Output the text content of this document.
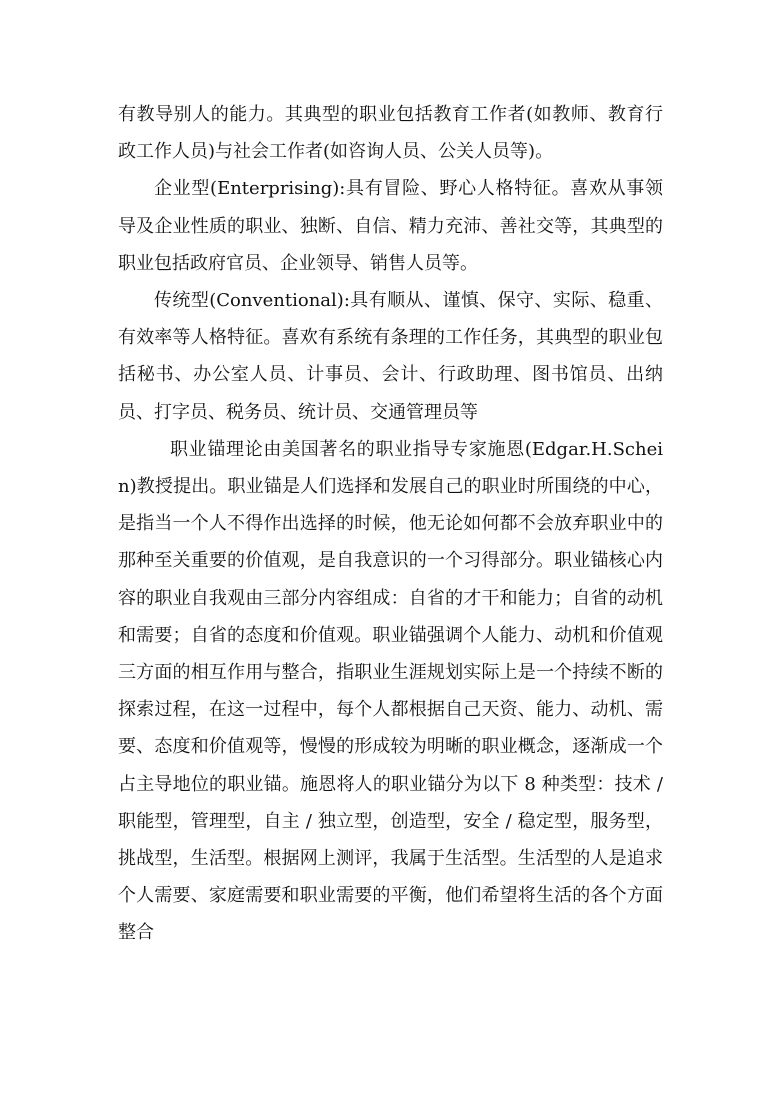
有教导别人的能力。其典型的职业包括教育工作者(如教师、教育行政工作人员)与社会工作者(如咨询人员、公关人员等)。

企业型(Enterprising):具有冒险、野心人格特征。喜欢从事领导及企业性质的职业、独断、自信、精力充沛、善社交等，其典型的职业包括政府官员、企业领导、销售人员等。

传统型(Conventional):具有顺从、谨慎、保守、实际、稳重、有效率等人格特征。喜欢有系统有条理的工作任务，其典型的职业包括秘书、办公室人员、计事员、会计、行政助理、图书馆员、出纳员、打字员、税务员、统计员、交通管理员等

职业锚理论由美国著名的职业指导专家施恩(Edgar.H.Schein)教授提出。职业锚是人们选择和发展自己的职业时所围绕的中心，是指当一个人不得作出选择的时候，他无论如何都不会放弃职业中的那种至关重要的价值观，是自我意识的一个习得部分。职业锚核心内容的职业自我观由三部分内容组成：自省的才干和能力；自省的动机和需要；自省的态度和价值观。职业锚强调个人能力、动机和价值观三方面的相互作用与整合，指职业生涯规划实际上是一个持续不断的探索过程，在这一过程中，每个人都根据自己天资、能力、动机、需要、态度和价值观等，慢慢的形成较为明晰的职业概念，逐渐成一个占主导地位的职业锚。施恩将人的职业锚分为以下 8 种类型：技术 / 职能型，管理型，自主 / 独立型，创造型，安全 / 稳定型，服务型，挑战型，生活型。根据网上测评，我属于生活型。生活型的人是追求个人需要、家庭需要和职业需要的平衡，他们希望将生活的各个方面整合
